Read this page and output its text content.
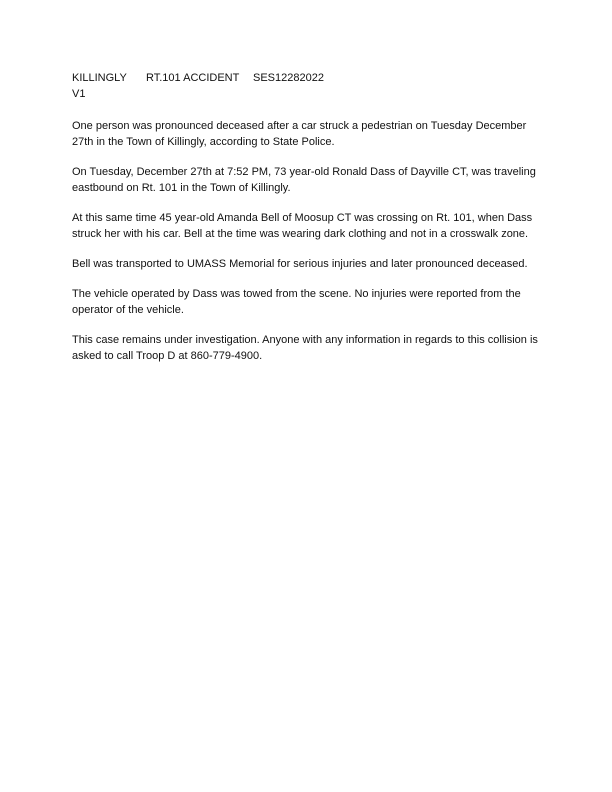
KILLINGLY RT.101 ACCIDENT SES12282022
V1

One person was pronounced deceased after a car struck a pedestrian on Tuesday December 27th in the Town of Killingly, according to State Police.

On Tuesday, December 27th at 7:52 PM, 73 year-old Ronald Dass of Dayville CT, was traveling eastbound on Rt. 101 in the Town of Killingly.

At this same time 45 year-old Amanda Bell of Moosup CT was crossing on Rt. 101, when Dass struck her with his car. Bell at the time was wearing dark clothing and not in a crosswalk zone.

Bell was transported to UMASS Memorial for serious injuries and later pronounced deceased.

The vehicle operated by Dass was towed from the scene. No injuries were reported from the operator of the vehicle.

This case remains under investigation. Anyone with any information in regards to this collision is asked to call Troop D at 860-779-4900.
